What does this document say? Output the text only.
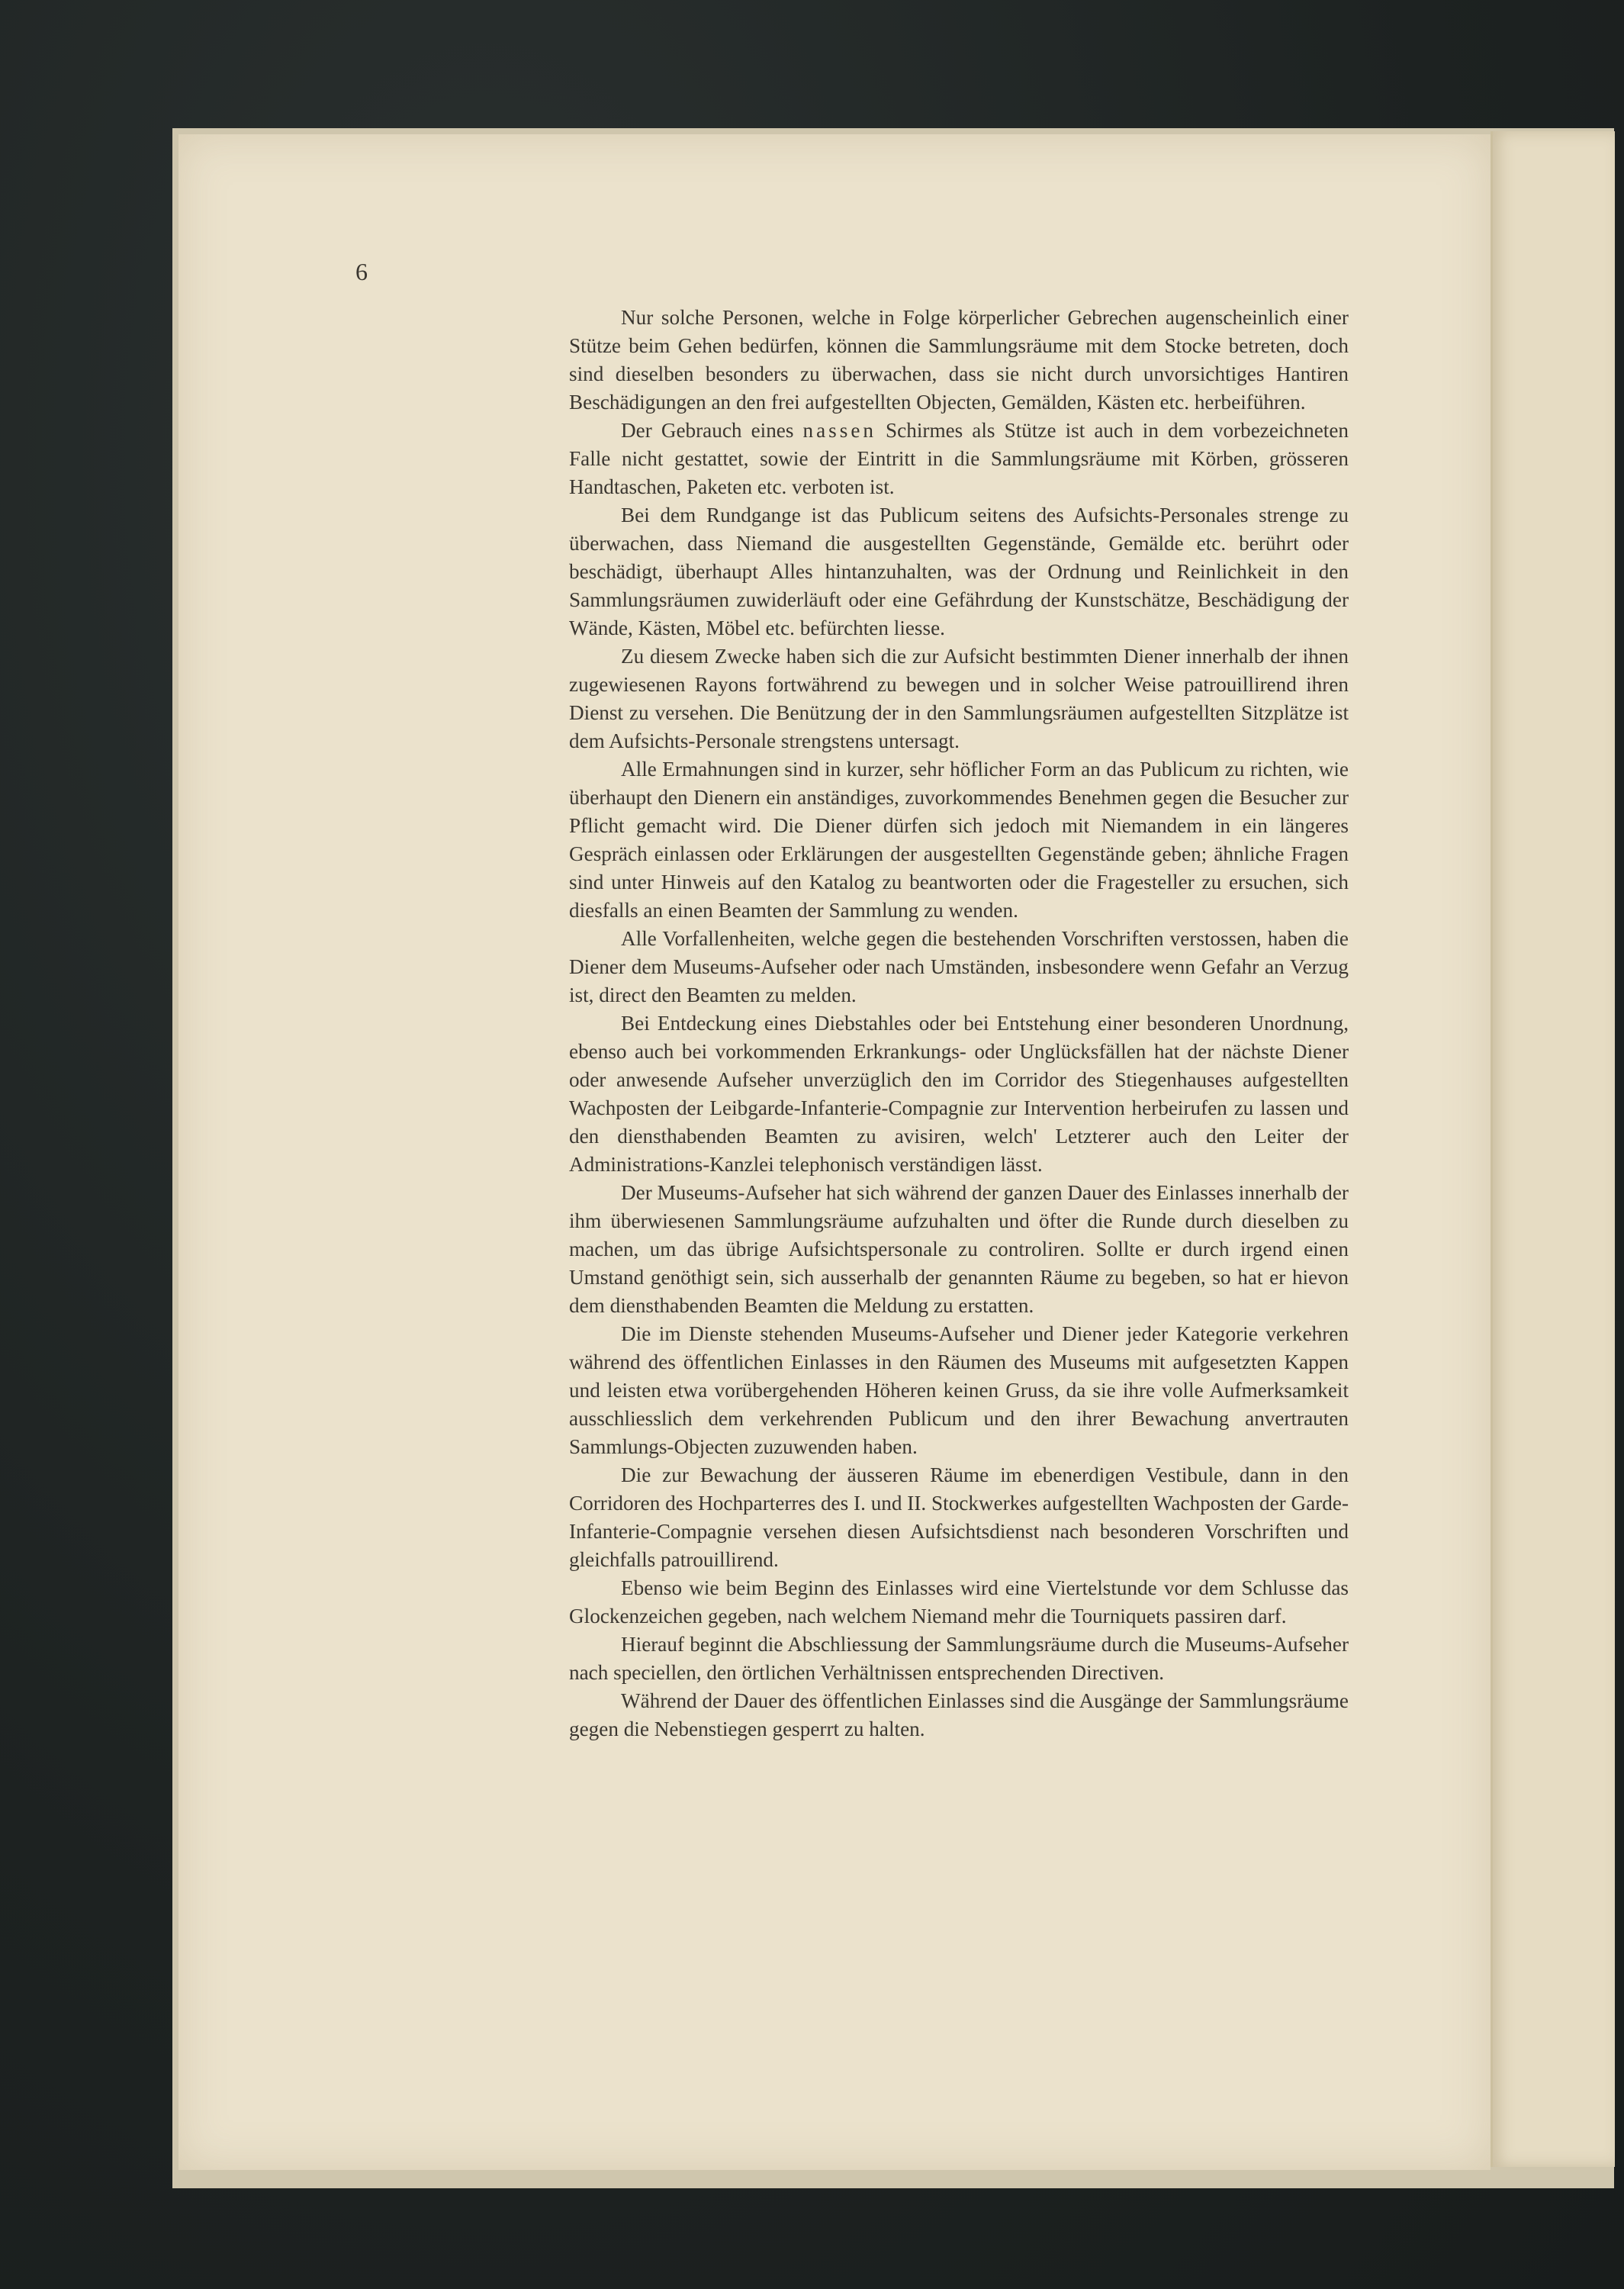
6

Nur solche Personen, welche in Folge körperlicher Gebrechen augenscheinlich einer Stütze beim Gehen bedürfen, können die Sammlungsräume mit dem Stocke betreten, doch sind dieselben besonders zu überwachen, dass sie nicht durch unvorsichtiges Hantiren Beschädigungen an den frei aufgestellten Objecten, Gemälden, Kästen etc. herbeiführen.

Der Gebrauch eines nassen Schirmes als Stütze ist auch in dem vorbezeichneten Falle nicht gestattet, sowie der Eintritt in die Sammlungsräume mit Körben, grösseren Handtaschen, Paketen etc. verboten ist.

Bei dem Rundgange ist das Publicum seitens des Aufsichts-Personales strenge zu überwachen, dass Niemand die ausgestellten Gegenstände, Gemälde etc. berührt oder beschädigt, überhaupt Alles hintanzuhalten, was der Ordnung und Reinlichkeit in den Sammlungsräumen zuwiderläuft oder eine Gefährdung der Kunstschätze, Beschädigung der Wände, Kästen, Möbel etc. befürchten liesse.

Zu diesem Zwecke haben sich die zur Aufsicht bestimmten Diener innerhalb der ihnen zugewiesenen Rayons fortwährend zu bewegen und in solcher Weise patrouillirend ihren Dienst zu versehen. Die Benützung der in den Sammlungsräumen aufgestellten Sitzplätze ist dem Aufsichts-Personale strengstens untersagt.

Alle Ermahnungen sind in kurzer, sehr höflicher Form an das Publicum zu richten, wie überhaupt den Dienern ein anständiges, zuvorkommendes Benehmen gegen die Besucher zur Pflicht gemacht wird. Die Diener dürfen sich jedoch mit Niemandem in ein längeres Gespräch einlassen oder Erklärungen der ausgestellten Gegenstände geben; ähnliche Fragen sind unter Hinweis auf den Katalog zu beantworten oder die Fragesteller zu ersuchen, sich diesfalls an einen Beamten der Sammlung zu wenden.

Alle Vorfallenheiten, welche gegen die bestehenden Vorschriften verstossen, haben die Diener dem Museums-Aufseher oder nach Umständen, insbesondere wenn Gefahr an Verzug ist, direct den Beamten zu melden.

Bei Entdeckung eines Diebstahles oder bei Entstehung einer besonderen Unordnung, ebenso auch bei vorkommenden Erkrankungs- oder Unglücksfällen hat der nächste Diener oder anwesende Aufseher unverzüglich den im Corridor des Stiegenhauses aufgestellten Wachposten der Leibgarde-Infanterie-Compagnie zur Intervention herbeirufen zu lassen und den diensthabenden Beamten zu avisiren, welch' Letzterer auch den Leiter der Administrations-Kanzlei telephonisch verständigen lässt.

Der Museums-Aufseher hat sich während der ganzen Dauer des Einlasses innerhalb der ihm überwiesenen Sammlungsräume aufzuhalten und öfter die Runde durch dieselben zu machen, um das übrige Aufsichtspersonale zu controliren. Sollte er durch irgend einen Umstand genöthigt sein, sich ausserhalb der genannten Räume zu begeben, so hat er hievon dem diensthabenden Beamten die Meldung zu erstatten.

Die im Dienste stehenden Museums-Aufseher und Diener jeder Kategorie verkehren während des öffentlichen Einlasses in den Räumen des Museums mit aufgesetzten Kappen und leisten etwa vorübergehenden Höheren keinen Gruss, da sie ihre volle Aufmerksamkeit ausschliesslich dem verkehrenden Publicum und den ihrer Bewachung anvertrauten Sammlungs-Objecten zuzuwenden haben.

Die zur Bewachung der äusseren Räume im ebenerdigen Vestibule, dann in den Corridoren des Hochparterres des I. und II. Stockwerkes aufgestellten Wachposten der Garde-Infanterie-Compagnie versehen diesen Aufsichtsdienst nach besonderen Vorschriften und gleichfalls patrouillirend.

Ebenso wie beim Beginn des Einlasses wird eine Viertelstunde vor dem Schlusse das Glockenzeichen gegeben, nach welchem Niemand mehr die Tourniquets passiren darf.

Hierauf beginnt die Abschliessung der Sammlungsräume durch die Museums-Aufseher nach speciellen, den örtlichen Verhältnissen entsprechenden Directiven.

Während der Dauer des öffentlichen Einlasses sind die Ausgänge der Sammlungsräume gegen die Nebenstiegen gesperrt zu halten.
